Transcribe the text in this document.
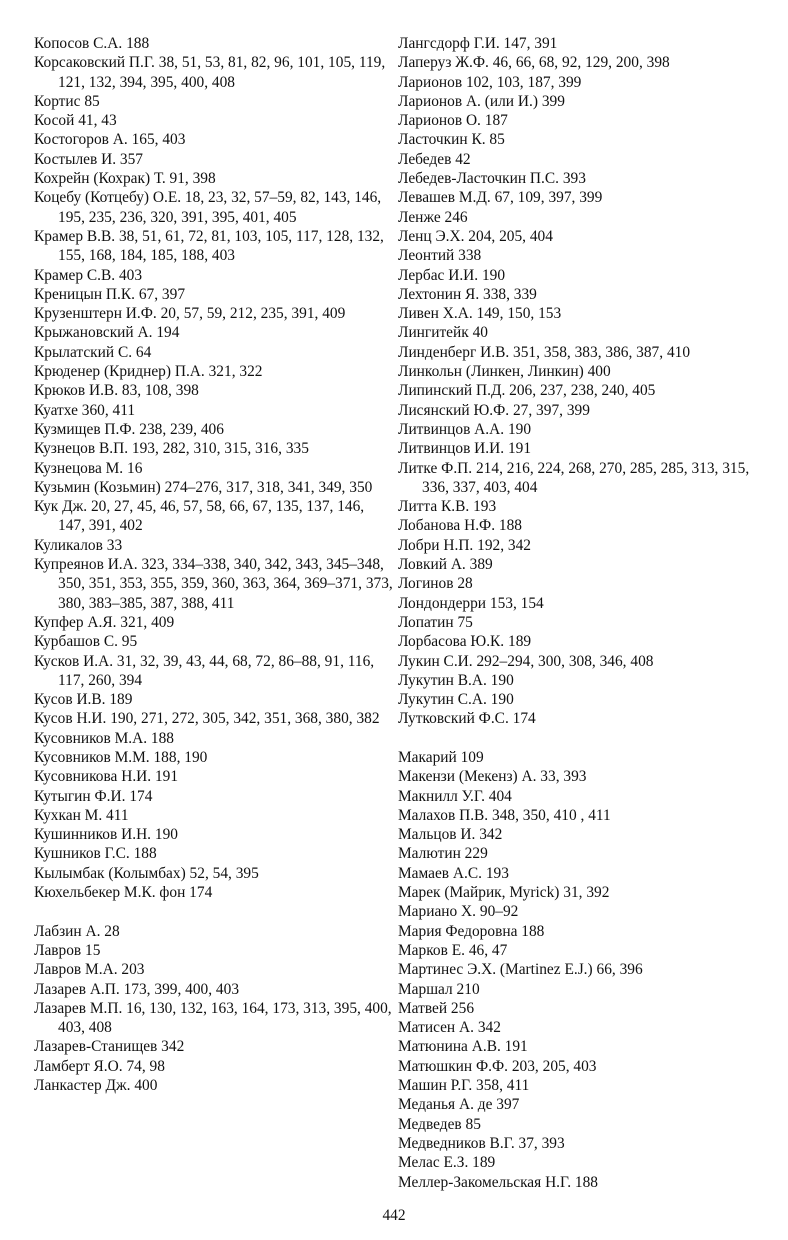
Копосов С.А. 188
Корсаковский П.Г. 38, 51, 53, 81, 82, 96, 101, 105, 119, 121, 132, 394, 395, 400, 408
Кортис 85
Косой 41, 43
Костогоров А. 165, 403
Костылев И. 357
Кохрейн (Кохрак) Т. 91, 398
Коцебу (Котцебу) О.Е. 18, 23, 32, 57–59, 82, 143, 146, 195, 235, 236, 320, 391, 395, 401, 405
Крамер В.В. 38, 51, 61, 72, 81, 103, 105, 117, 128, 132, 155, 168, 184, 185, 188, 403
Крамер С.В. 403
Креницын П.К. 67, 397
Крузенштерн И.Ф. 20, 57, 59, 212, 235, 391, 409
Крыжановский А. 194
Крылатский С. 64
Крюденер (Криднер) П.А. 321, 322
Крюков И.В. 83, 108, 398
Куатхе 360, 411
Кузмищев П.Ф. 238, 239, 406
Кузнецов В.П. 193, 282, 310, 315, 316, 335
Кузнецова М. 16
Кузьмин (Козьмин) 274–276, 317, 318, 341, 349, 350
Кук Дж. 20, 27, 45, 46, 57, 58, 66, 67, 135, 137, 146, 147, 391, 402
Куликалов 33
Купреянов И.А. 323, 334–338, 340, 342, 343, 345–348, 350, 351, 353, 355, 359, 360, 363, 364, 369–371, 373, 380, 383–385, 387, 388, 411
Купфер А.Я. 321, 409
Курбашов С. 95
Кусков И.А. 31, 32, 39, 43, 44, 68, 72, 86–88, 91, 116, 117, 260, 394
Кусов И.В. 189
Кусов Н.И. 190, 271, 272, 305, 342, 351, 368, 380, 382
Кусовников М.А. 188
Кусовников М.М. 188, 190
Кусовникова Н.И. 191
Кутыгин Ф.И. 174
Кухкан М. 411
Кушинников И.Н. 190
Кушников Г.С. 188
Кылымбак (Колымбах) 52, 54, 395
Кюхельбекер М.К. фон 174
Лабзин А. 28
Лавров 15
Лавров М.А. 203
Лазарев А.П. 173, 399, 400, 403
Лазарев М.П. 16, 130, 132, 163, 164, 173, 313, 395, 400, 403, 408
Лазарев-Станищев 342
Ламберт Я.О. 74, 98
Ланкастер Дж. 400
Лангсдорф Г.И. 147, 391
Лаперуз Ж.Ф. 46, 66, 68, 92, 129, 200, 398
Ларионов 102, 103, 187, 399
Ларионов А. (или И.) 399
Ларионов О. 187
Ласточкин К. 85
Лебедев 42
Лебедев-Ласточкин П.С. 393
Левашев М.Д. 67, 109, 397, 399
Ленже 246
Ленц Э.Х. 204, 205, 404
Леонтий 338
Лербас И.И. 190
Лехтонин Я. 338, 339
Ливен Х.А. 149, 150, 153
Лингитейк 40
Линденберг И.В. 351, 358, 383, 386, 387, 410
Линкольн (Линкен, Линкин) 400
Липинский П.Д. 206, 237, 238, 240, 405
Лисянский Ю.Ф. 27, 397, 399
Литвинцов А.А. 190
Литвинцов И.И. 191
Литке Ф.П. 214, 216, 224, 268, 270, 285, 285, 313, 315, 336, 337, 403, 404
Литта К.В. 193
Лобанова Н.Ф. 188
Лобри Н.П. 192, 342
Ловкий А. 389
Логинов 28
Лондондерри 153, 154
Лопатин 75
Лорбасова Ю.К. 189
Лукин С.И. 292–294, 300, 308, 346, 408
Лукутин В.А. 190
Лукутин С.А. 190
Лутковский Ф.С. 174
Макарий 109
Макензи (Мекенз) А. 33, 393
Макнилл У.Г. 404
Малахов П.В. 348, 350, 410 , 411
Мальцов И. 342
Малютин 229
Мамаев А.С. 193
Марек (Майрик, Муrick) 31, 392
Мариано Х. 90–92
Мария Федоровна 188
Марков Е. 46, 47
Мартинес Э.Х. (Martinez E.J.) 66, 396
Маршал 210
Матвей 256
Матисен А. 342
Матюнина А.В. 191
Матюшкин Ф.Ф. 203, 205, 403
Машин Р.Г. 358, 411
Меданья А. де 397
Медведев 85
Медведников В.Г. 37, 393
Мелас Е.З. 189
Меллер-Закомельская Н.Г. 188
442
